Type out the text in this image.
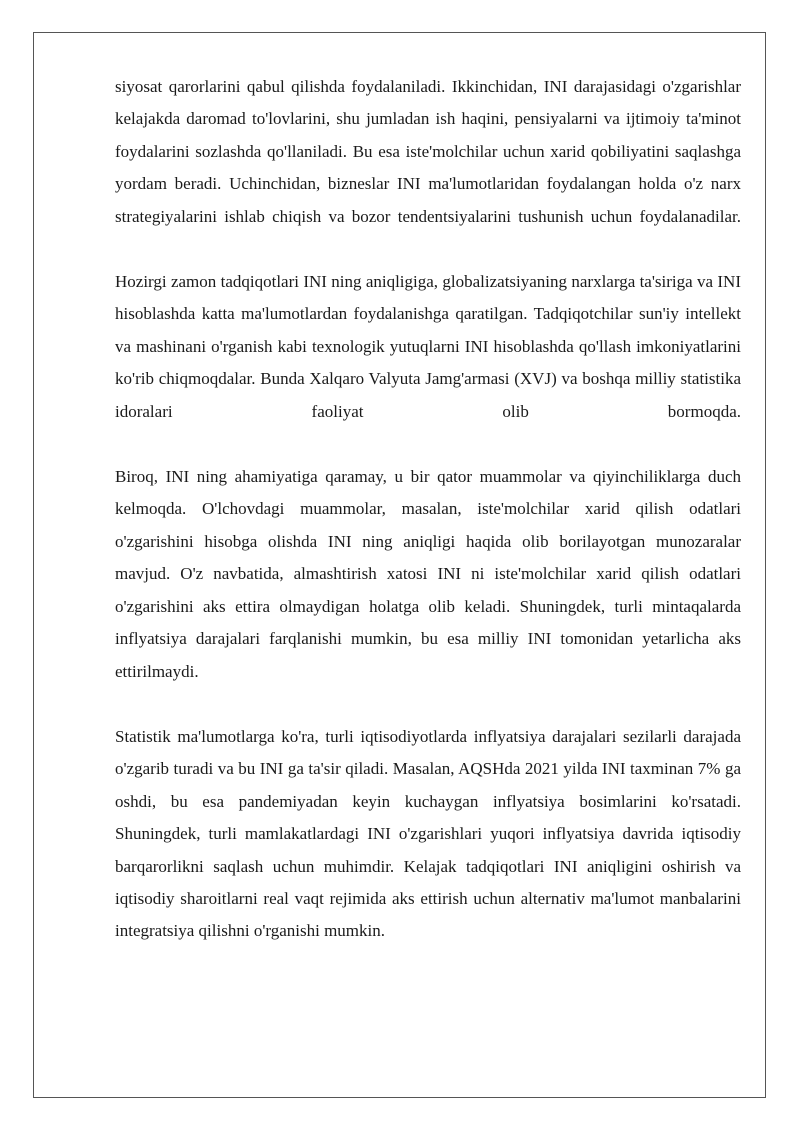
siyosat qarorlarini qabul qilishda foydalaniladi. Ikkinchidan, INI darajasidagi o'zgarishlar kelajakda daromad to'lovlarini, shu jumladan ish haqini, pensiyalarni va ijtimoiy ta'minot foydalarini sozlashda qo'llaniladi. Bu esa iste'molchilar uchun xarid qobiliyatini saqlashga yordam beradi. Uchinchidan, bizneslar INI ma'lumotlaridan foydalangan holda o'z narx strategiyalarini ishlab chiqish va bozor tendentsiyalarini tushunish uchun foydalanadilar.

Hozirgi zamon tadqiqotlari INI ning aniqligiga, globalizatsiyaning narxlarga ta'siriga va INI hisoblashda katta ma'lumotlardan foydalanishga qaratilgan. Tadqiqotchilar sun'iy intellekt va mashinani o'rganish kabi texnologik yutuqlarni INI hisoblashda qo'llash imkoniyatlarini ko'rib chiqmoqdalar. Bunda Xalqaro Valyuta Jamg'armasi (XVJ) va boshqa milliy statistika idoralari faoliyat olib bormoqda.

Biroq, INI ning ahamiyatiga qaramay, u bir qator muammolar va qiyinchiliklarga duch kelmoqda. O'lchovdagi muammolar, masalan, iste'molchilar xarid qilish odatlari o'zgarishini hisobga olishda INI ning aniqligi haqida olib borilayotgan munozaralar mavjud. O'z navbatida, almashtirish xatosi INI ni iste'molchilar xarid qilish odatlari o'zgarishini aks ettira olmaydigan holatga olib keladi. Shuningdek, turli mintaqalarda inflyatsiya darajalari farqlanishi mumkin, bu esa milliy INI tomonidan yetarlicha aks ettirilmaydi.

Statistik ma'lumotlarga ko'ra, turli iqtisodiyotlarda inflyatsiya darajalari sezilarli darajada o'zgarib turadi va bu INI ga ta'sir qiladi. Masalan, AQSHda 2021 yilda INI taxminan 7% ga oshdi, bu esa pandemiyadan keyin kuchaygan inflyatsiya bosimlarini ko'rsatadi. Shuningdek, turli mamlakatlardagi INI o'zgarishlari yuqori inflyatsiya davrida iqtisodiy barqarorlikni saqlash uchun muhimdir. Kelajak tadqiqotlari INI aniqligini oshirish va iqtisodiy sharoitlarni real vaqt rejimida aks ettirish uchun alternativ ma'lumot manbalarini integratsiya qilishni o'rganishi mumkin.
